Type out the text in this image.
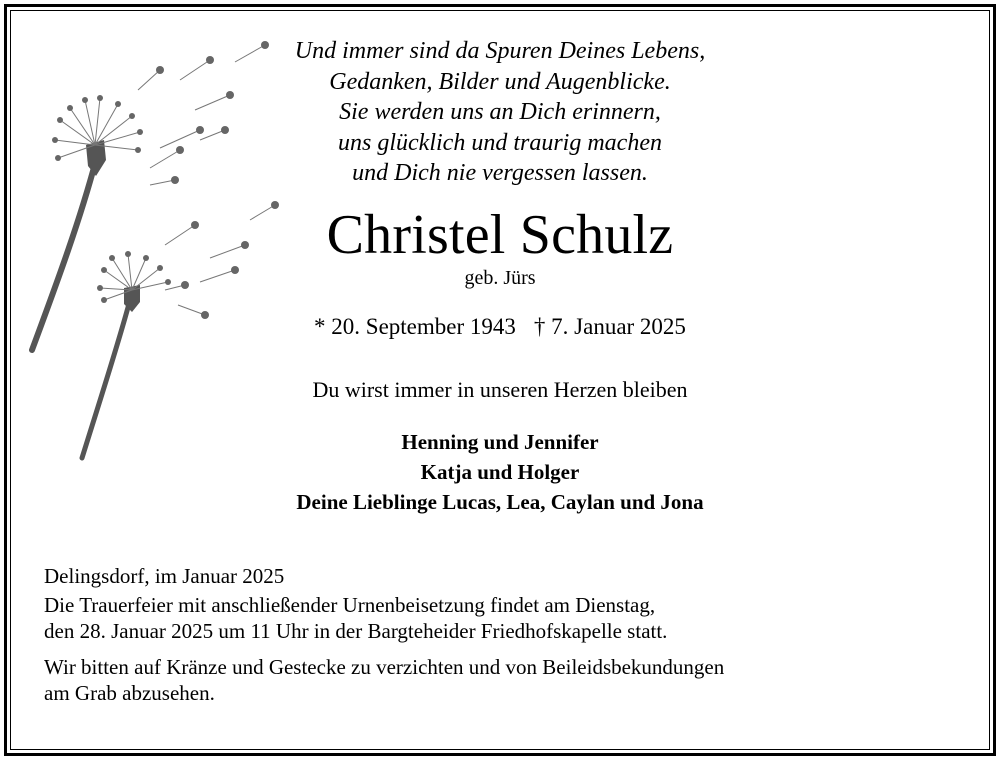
Und immer sind da Spuren Deines Lebens,
Gedanken, Bilder und Augenblicke.
Sie werden uns an Dich erinnern,
uns glücklich und traurig machen
und Dich nie vergessen lassen.
Christel Schulz
geb. Jürs
* 20. September 1943 † 7. Januar 2025
Du wirst immer in unseren Herzen bleiben
Henning und Jennifer
Katja und Holger
Deine Lieblinge Lucas, Lea, Caylan und Jona

Delingsdorf, im Januar 2025

Die Trauerfeier mit anschließender Urnenbeisetzung findet am Dienstag,
den 28. Januar 2025 um 11 Uhr in der Bargteheider Friedhofskapelle statt.

Wir bitten auf Kränze und Gestecke zu verzichten und von Beileidsbekundungen
am Grab abzusehen.
